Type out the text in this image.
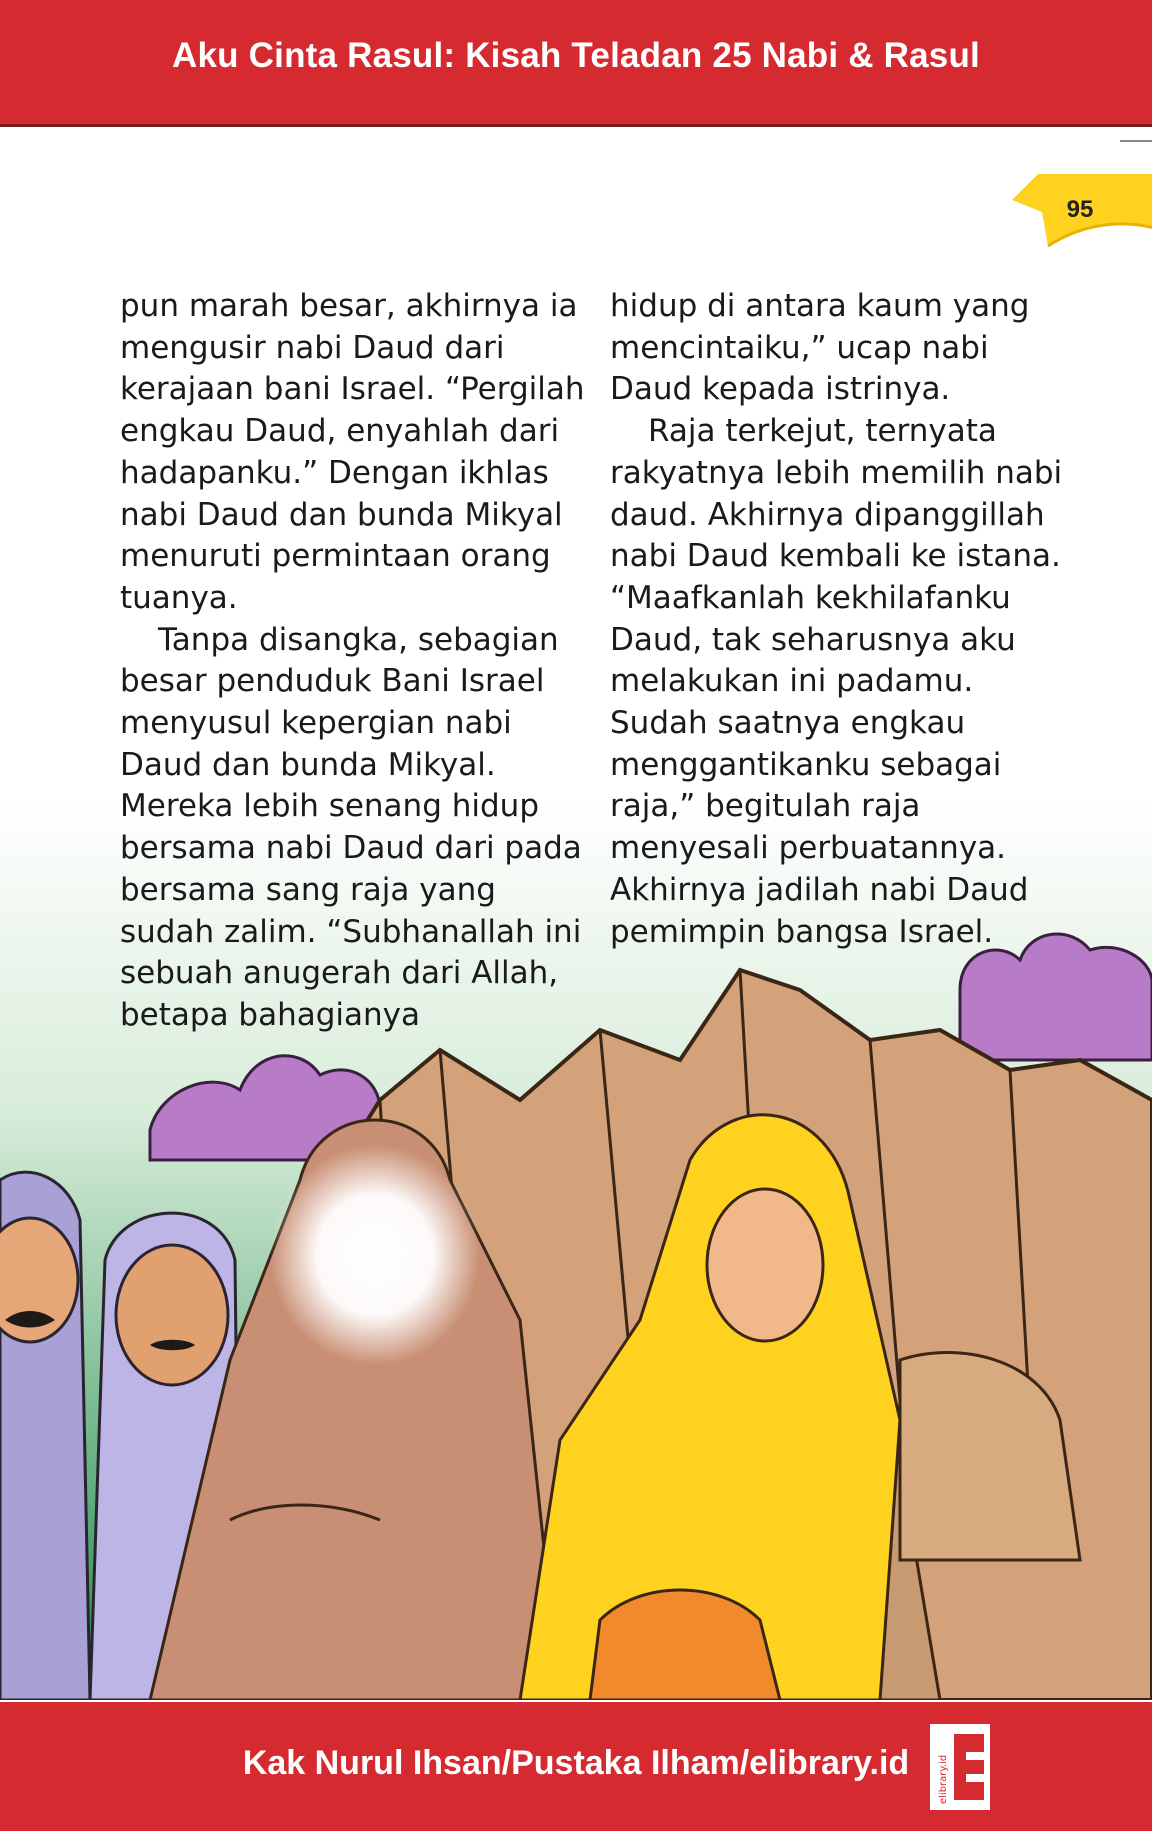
Aku Cinta Rasul: Kisah Teladan 25 Nabi & Rasul
95

pun marah besar, akhirnya ia mengusir nabi Daud dari kerajaan bani Israel. “Pergilah engkau Daud, enyahlah dari hadapanku.” Dengan ikhlas nabi Daud dan bunda Mikyal menuruti permintaan orang tuanya.

Tanpa disangka, sebagian besar penduduk Bani Israel menyusul kepergian nabi Daud dan bunda Mikyal. Mereka lebih senang hidup bersama nabi Daud dari pada bersama sang raja yang sudah zalim. “Subhanallah ini sebuah anugerah dari Allah, betapa bahagianya

hidup di antara kaum yang mencintaiku,” ucap nabi Daud kepada istrinya.

Raja terkejut, ternyata rakyatnya lebih memilih nabi daud. Akhirnya dipanggillah nabi Daud kembali ke istana. “Maafkanlah kekhilafanku Daud, tak seharusnya aku melakukan ini padamu. Sudah saatnya engkau menggantikanku sebagai raja,” begitulah raja menyesali perbuatannya. Akhirnya jadilah nabi Daud pemimpin bangsa Israel.

Kak Nurul Ihsan/Pustaka Ilham/elibrary.id	elibrary.id
